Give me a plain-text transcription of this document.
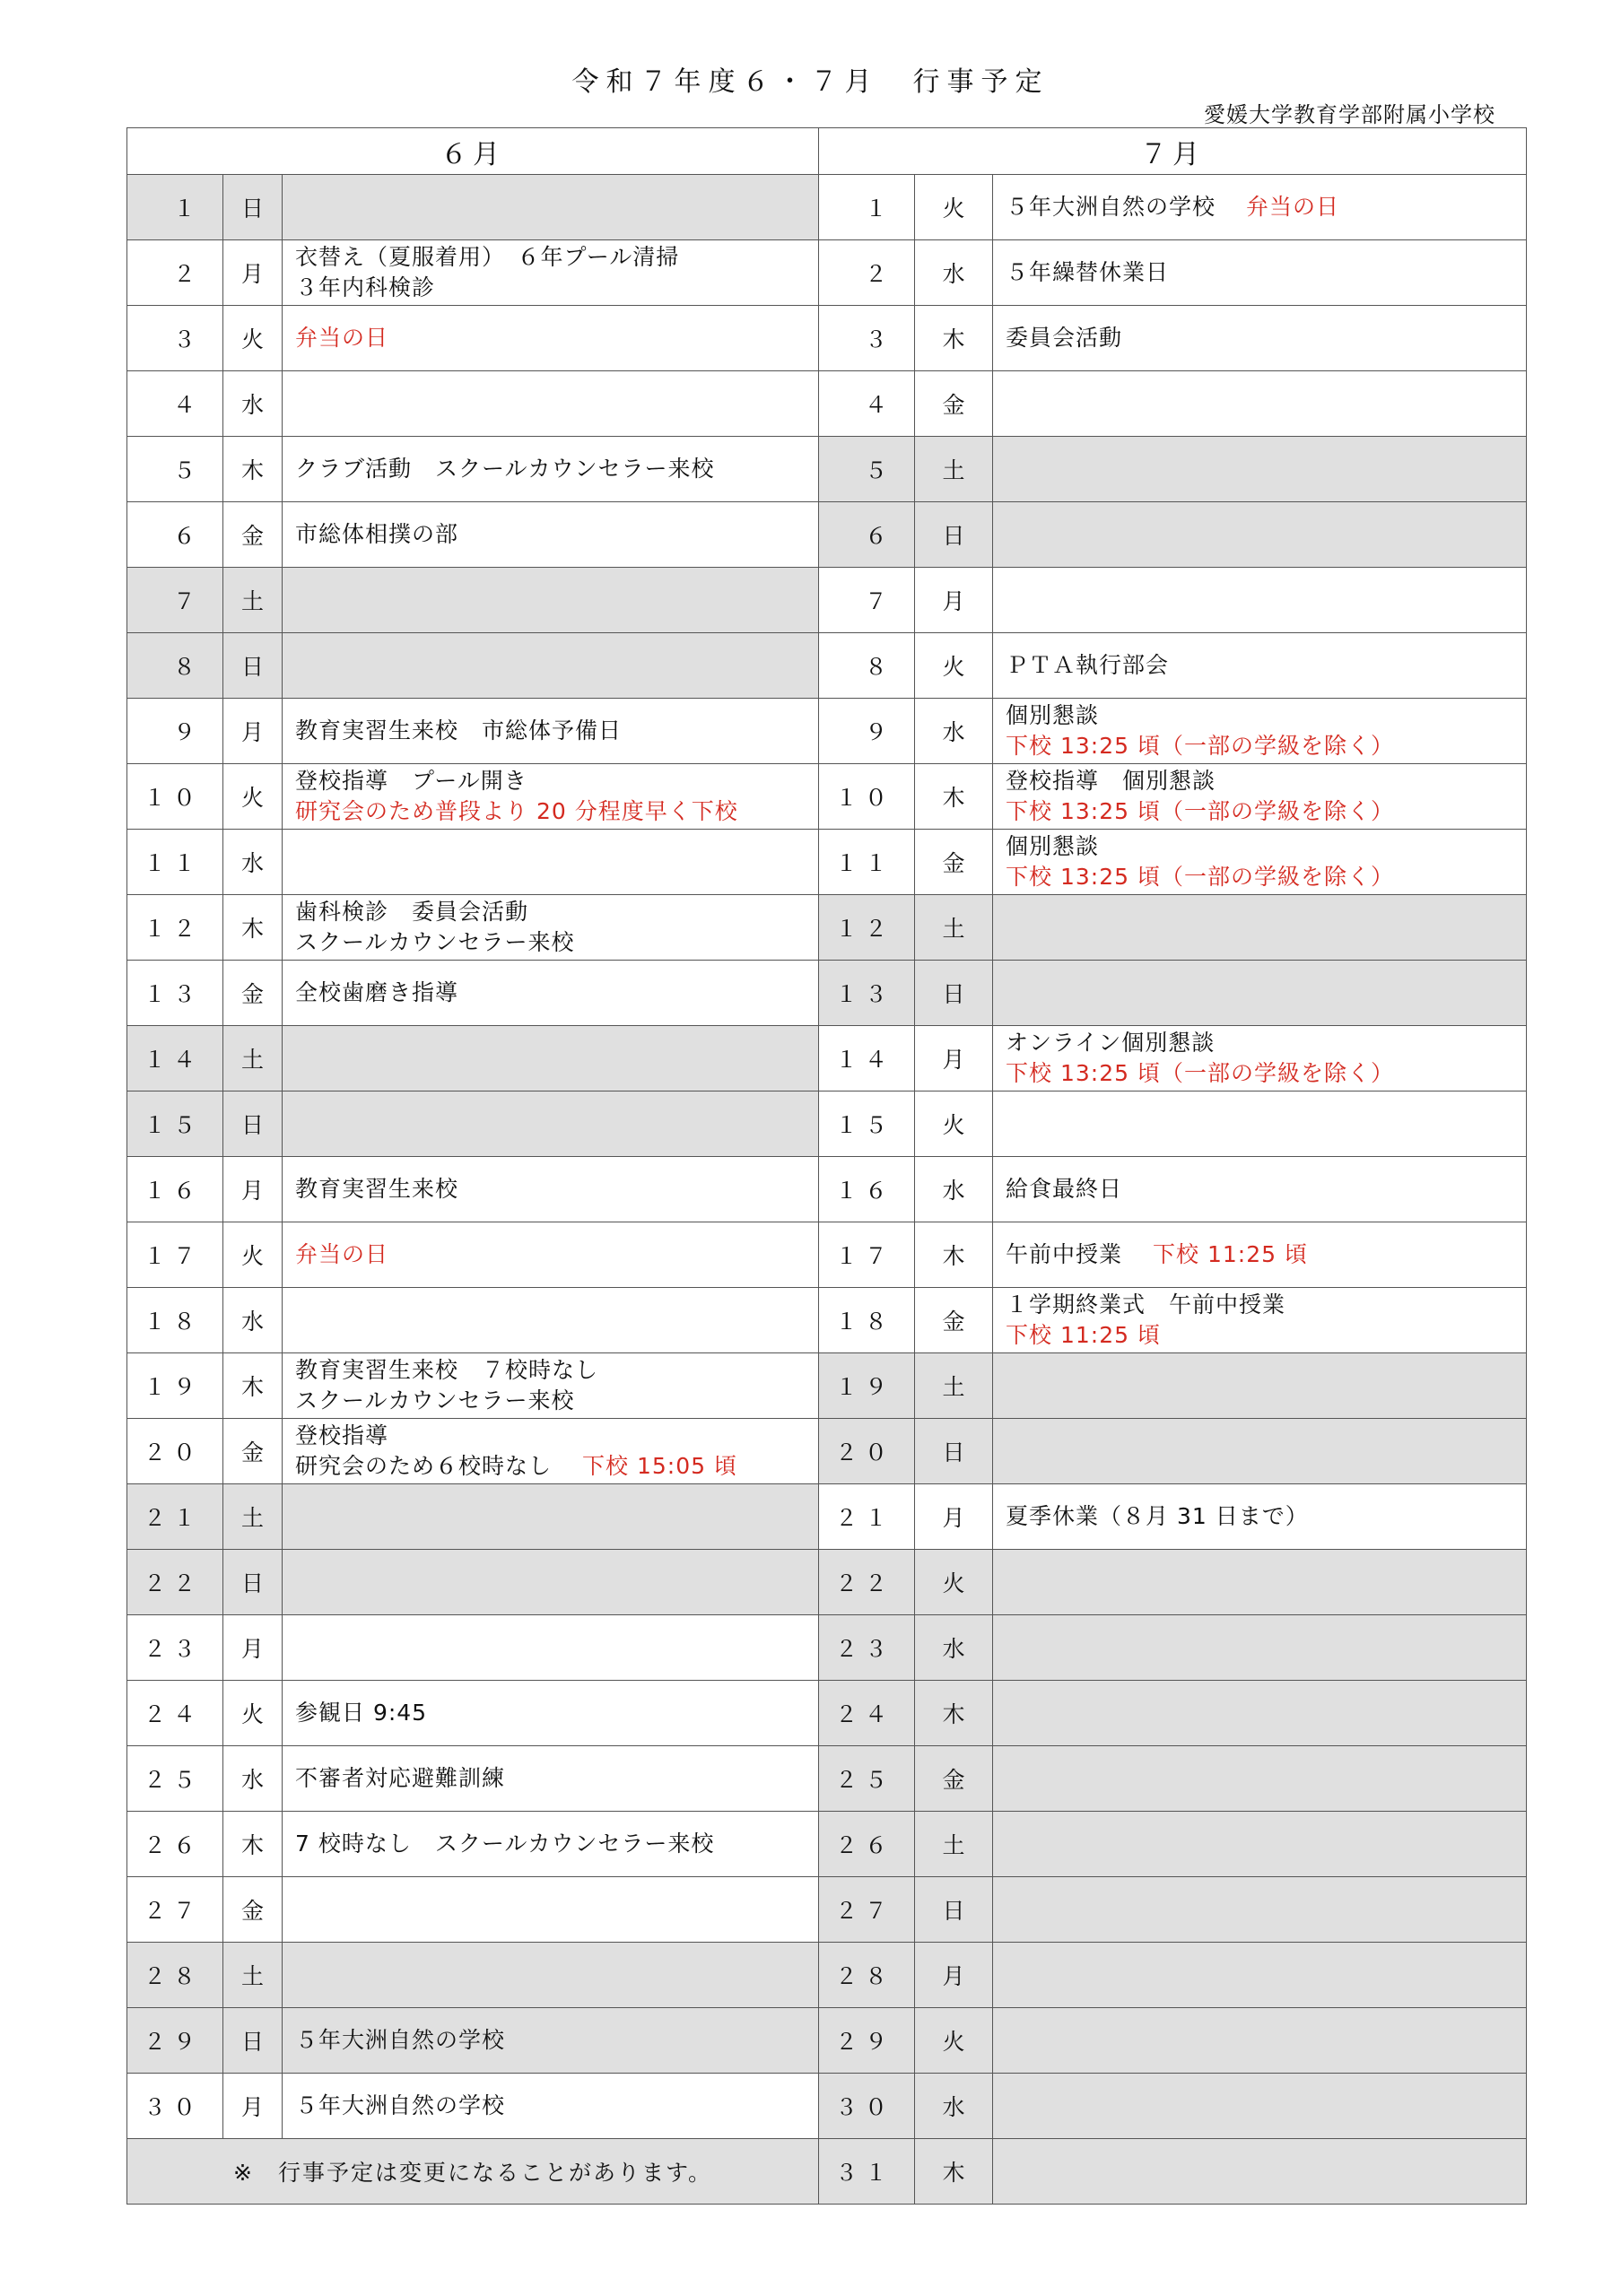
令和７年度６・７月　行事予定
愛媛大学教育学部附属小学校
６月			７月		
１	日		１	火	５年大洲自然の学校 弁当の日

２	月	衣替え（夏服着用）　６年プール清掃
３年内科検診	２	水	５年繰替休業日

３	火	弁当の日	３	木	委員会活動

４	水		４	金	
５	木	クラブ活動　スクールカウンセラー来校	５	土	
６	金	市総体相撲の部	６	日	
７	土		７	月	
８	日		８	火	ＰＴＡ執行部会

９	月	教育実習生来校　市総体予備日	９	水	個別懇談
下校 13:25 頃（一部の学級を除く）

１０	火	登校指導　プール開き
研究会のため普段より 20 分程度早く下校	１０	木	登校指導　個別懇談
下校 13:25 頃（一部の学級を除く）

１１	水		１１	金	個別懇談
下校 13:25 頃（一部の学級を除く）

１２	木	歯科検診　委員会活動
スクールカウンセラー来校	１２	土	
１３	金	全校歯磨き指導	１３	日	
１４	土		１４	月	オンライン個別懇談
下校 13:25 頃（一部の学級を除く）

１５	日		１５	火	
１６	月	教育実習生来校	１６	水	給食最終日

１７	火	弁当の日	１７	木	午前中授業 下校 11:25 頃

１８	水		１８	金	１学期終業式　午前中授業
下校 11:25 頃

１９	木	教育実習生来校　７校時なし
スクールカウンセラー来校	１９	土	
２０	金	登校指導
研究会のため６校時なし 下校 15:05 頃	２０	日	
２１	土		２１	月	夏季休業（８月 31 日まで）

２２	日		２２	火	
２３	月		２３	水	
２４	火	参観日 9:45	２４	木	
２５	水	不審者対応避難訓練	２５	金	
２６	木	7 校時なし　スクールカウンセラー来校	２６	土	
２７	金		２７	日	
２８	土		２８	月	
２９	日	５年大洲自然の学校	２９	火	
３０	月	５年大洲自然の学校	３０	水	
※　行事予定は変更になることがあります。			３１	木	
